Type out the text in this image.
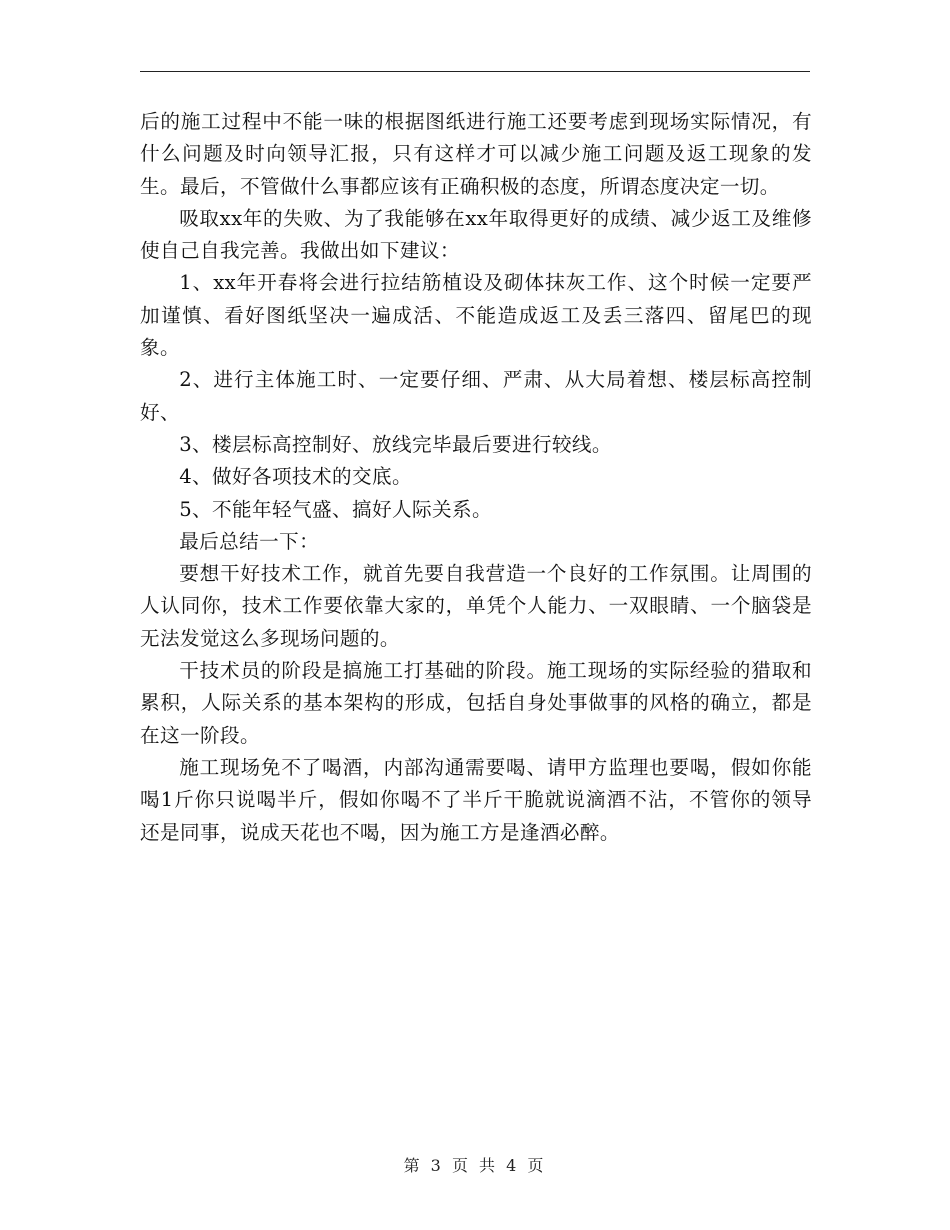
后的施工过程中不能一味的根据图纸进行施工还要考虑到现场实际情况，有什么问题及时向领导汇报，只有这样才可以减少施工问题及返工现象的发生。最后，不管做什么事都应该有正确积极的态度，所谓态度决定一切。

吸取xx年的失败、为了我能够在xx年取得更好的成绩、减少返工及维修使自己自我完善。我做出如下建议：

1、xx年开春将会进行拉结筋植设及砌体抹灰工作、这个时候一定要严加谨慎、看好图纸坚决一遍成活、不能造成返工及丢三落四、留尾巴的现象。

2、进行主体施工时、一定要仔细、严肃、从大局着想、楼层标高控制好、

3、楼层标高控制好、放线完毕最后要进行较线。

4、做好各项技术的交底。

5、不能年轻气盛、搞好人际关系。

最后总结一下：

要想干好技术工作，就首先要自我营造一个良好的工作氛围。让周围的人认同你，技术工作要依靠大家的，单凭个人能力、一双眼睛、一个脑袋是无法发觉这么多现场问题的。

干技术员的阶段是搞施工打基础的阶段。施工现场的实际经验的猎取和累积，人际关系的基本架构的形成，包括自身处事做事的风格的确立，都是在这一阶段。

施工现场免不了喝酒，内部沟通需要喝、请甲方监理也要喝，假如你能喝1斤你只说喝半斤，假如你喝不了半斤干脆就说滴酒不沾，不管你的领导还是同事，说成天花也不喝，因为施工方是逢酒必醉。

第 3 页 共 4 页
